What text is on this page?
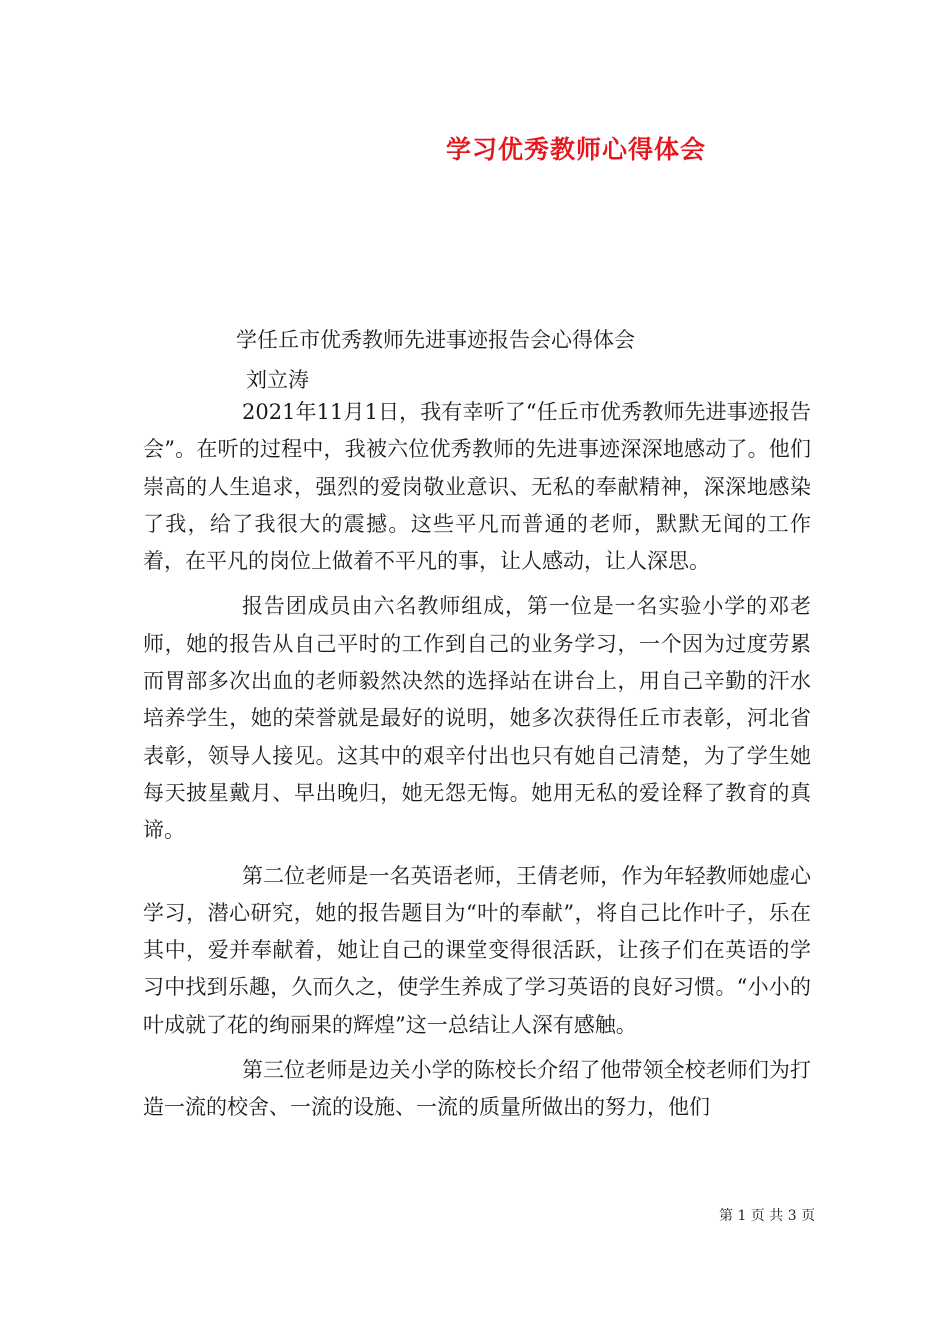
学习优秀教师心得体会
学任丘市优秀教师先进事迹报告会心得体会
刘立涛

2021年11月1日，我有幸听了“任丘市优秀教师先进事迹报告会”。在听的过程中，我被六位优秀教师的先进事迹深深地感动了。他们崇高的人生追求，强烈的爱岗敬业意识、无私的奉献精神，深深地感染了我，给了我很大的震撼。这些平凡而普通的老师，默默无闻的工作着，在平凡的岗位上做着不平凡的事，让人感动，让人深思。

报告团成员由六名教师组成，第一位是一名实验小学的邓老师，她的报告从自己平时的工作到自己的业务学习，一个因为过度劳累而胃部多次出血的老师毅然决然的选择站在讲台上，用自己辛勤的汗水培养学生，她的荣誉就是最好的说明，她多次获得任丘市表彰，河北省表彰，领导人接见。这其中的艰辛付出也只有她自己清楚，为了学生她每天披星戴月、早出晚归，她无怨无悔。她用无私的爱诠释了教育的真谛。

第二位老师是一名英语老师，王倩老师，作为年轻教师她虚心学习，潜心研究，她的报告题目为“叶的奉献”，将自己比作叶子，乐在其中，爱并奉献着，她让自己的课堂变得很活跃，让孩子们在英语的学习中找到乐趣，久而久之，使学生养成了学习英语的良好习惯。“小小的叶成就了花的绚丽果的辉煌”这一总结让人深有感触。

第三位老师是边关小学的陈校长介绍了他带领全校老师们为打造一流的校舍、一流的设施、一流的质量所做出的努力，他们

第 1 页 共 3 页
